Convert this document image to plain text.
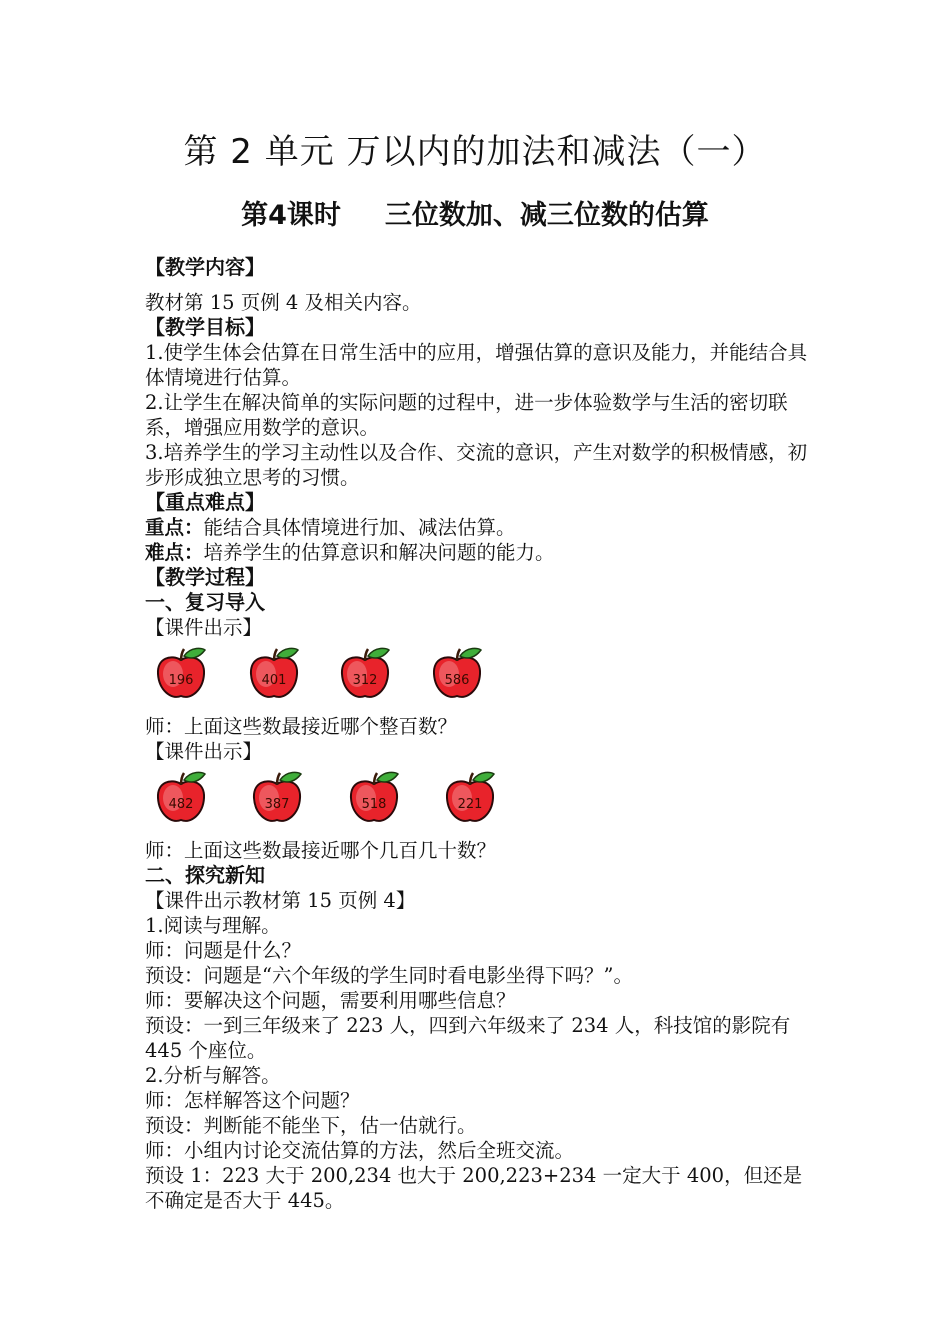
第 2 单元 万以内的加法和减法（一）
第4课时 三位数加、减三位数的估算
【教学内容】
教材第 15 页例 4 及相关内容。
【教学目标】
1.使学生体会估算在日常生活中的应用，增强估算的意识及能力，并能结合具体情境进行估算。
2.让学生在解决简单的实际问题的过程中，进一步体验数学与生活的密切联系，增强应用数学的意识。
3.培养学生的学习主动性以及合作、交流的意识，产生对数学的积极情感，初步形成独立思考的习惯。
【重点难点】
重点：能结合具体情境进行加、减法估算。
难点：培养学生的估算意识和解决问题的能力。
【教学过程】
一、复习导入
【课件出示】
196	401	312	586
师：上面这些数最接近哪个整百数？
【课件出示】
482	387	518	221
师：上面这些数最接近哪个几百几十数？
二、探究新知
【课件出示教材第 15 页例 4】
1.阅读与理解。
师：问题是什么？
预设：问题是“六个年级的学生同时看电影坐得下吗？”。
师：要解决这个问题，需要利用哪些信息？
预设：一到三年级来了 223 人，四到六年级来了 234 人，科技馆的影院有 445 个座位。
2.分析与解答。
师：怎样解答这个问题？
预设：判断能不能坐下，估一估就行。
师：小组内讨论交流估算的方法，然后全班交流。
预设 1：223 大于 200,234 也大于 200,223+234 一定大于 400，但还是不确定是否大于 445。
